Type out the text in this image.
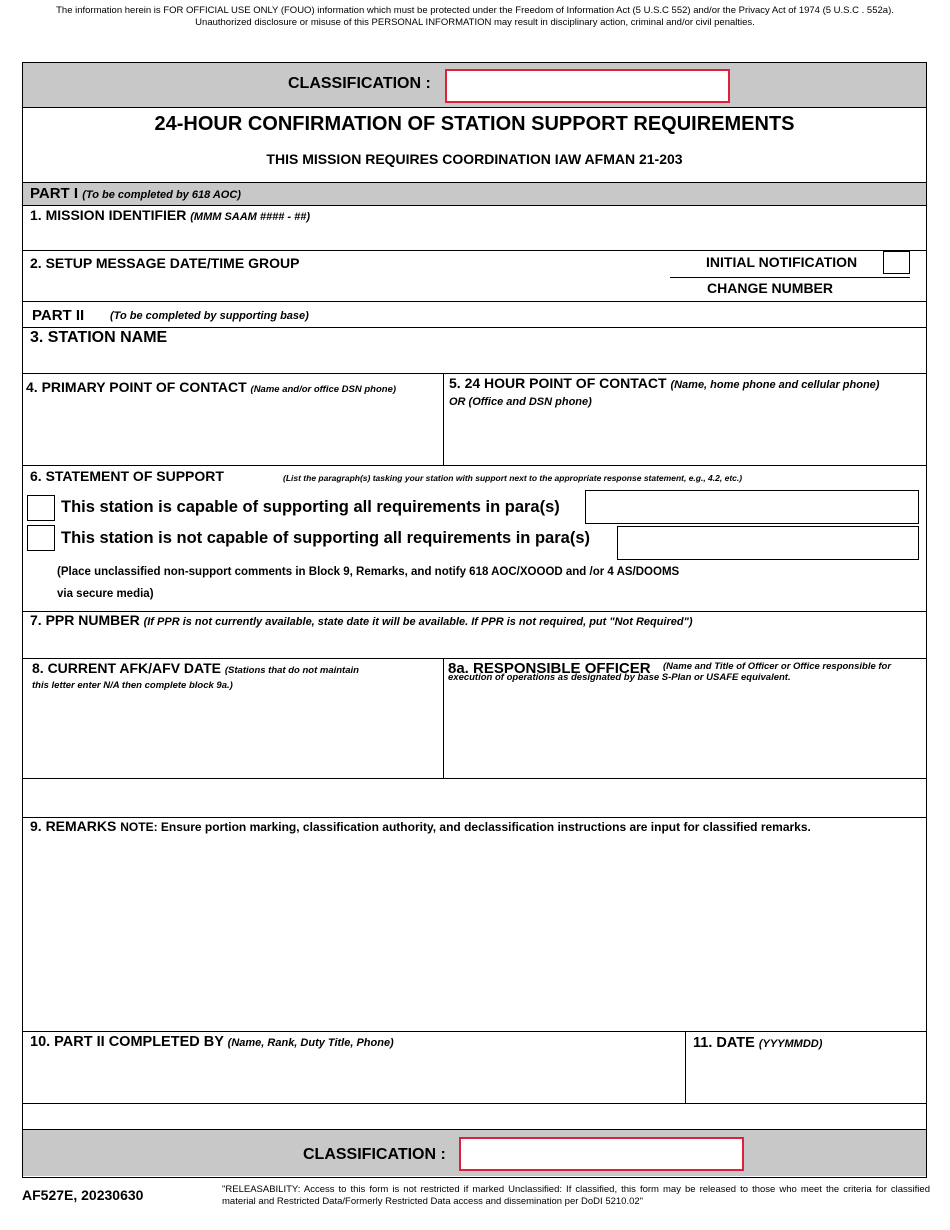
The information herein is FOR OFFICIAL USE ONLY (FOUO) information which must be protected under the Freedom of Information Act (5 U.S.C 552) and/or the Privacy Act of 1974 (5 U.S.C . 552a).
Unauthorized disclosure or misuse of this PERSONAL INFORMATION may result in disciplinary action, criminal and/or civil penalties.
CLASSIFICATION :
24-HOUR CONFIRMATION OF STATION SUPPORT REQUIREMENTS
THIS MISSION REQUIRES COORDINATION IAW AFMAN 21-203
PART I (To be completed by 618 AOC)
1. MISSION IDENTIFIER (MMM SAAM #### - ##)
2. SETUP MESSAGE DATE/TIME GROUP	INITIAL NOTIFICATION
CHANGE NUMBER
PART II (To be completed by supporting base)
3. STATION NAME
4. PRIMARY POINT OF CONTACT (Name and/or office DSN phone)	5. 24 HOUR POINT OF CONTACT (Name, home phone and cellular phone)
OR (Office and DSN phone)
6. STATEMENT OF SUPPORT	(List the paragraph(s) tasking your station with support next to the appropriate response statement, e.g., 4.2, etc.)
This station is capable of supporting all requirements in para(s)
This station is not capable of supporting all requirements in para(s)
(Place unclassified non-support comments in Block 9, Remarks, and notify 618 AOC/XOOOD and /or 4 AS/DOOMS
via secure media)
7. PPR NUMBER (If PPR is not currently available, state date it will be available. If PPR is not required, put "Not Required")
8. CURRENT AFK/AFV DATE (Stations that do not maintain
this letter enter N/A then complete block 9a.)
8a. RESPONSIBLE OFFICER (Name and Title of Officer or Office responsible for
execution of operations as designated by base S-Plan or USAFE equivalent.
9. REMARKS NOTE: Ensure portion marking, classification authority, and declassification instructions are input for classified remarks.
10. PART II COMPLETED BY (Name, Rank, Duty Title, Phone)	11. DATE (YYYMMDD)
CLASSIFICATION :
AF527E, 20230630	"RELEASABILITY: Access to this form is not restricted if marked Unclassified: If classified, this form may be released to those who meet the criteria for classified material and Restricted Data/Formerly Restricted Data access and dissemination per DoDI 5210.02"
